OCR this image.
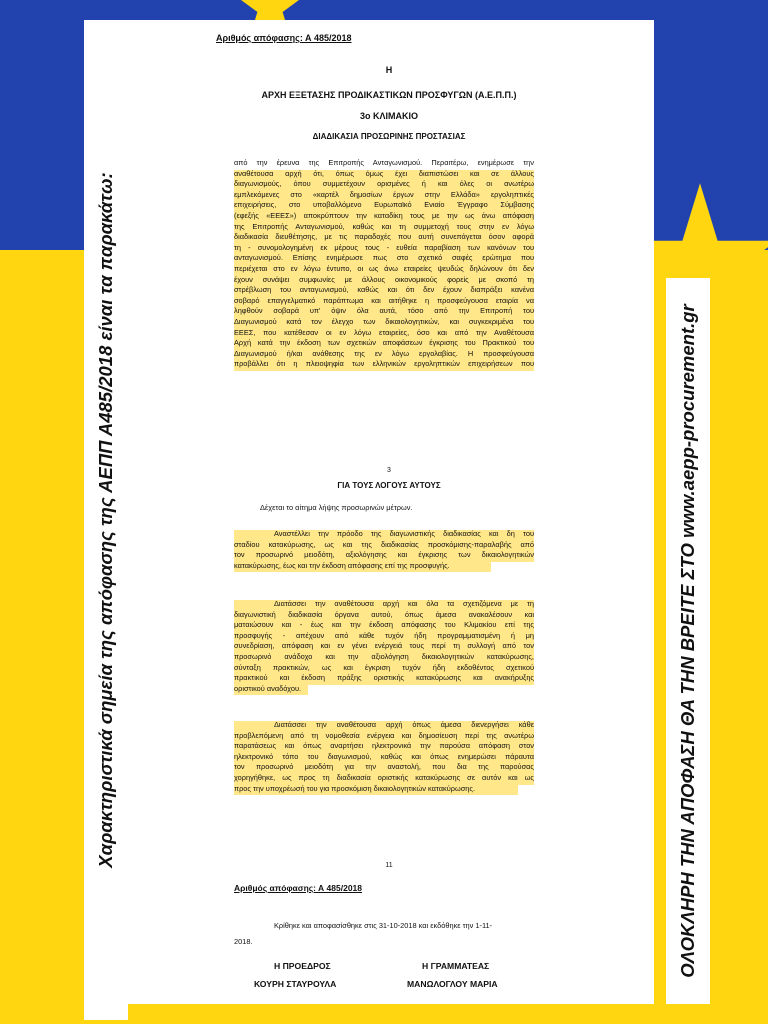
Χαρακτηριστικά σημεία της απόφασης της ΑΕΠΠ Α485/2018 είναι τα παρακάτω:	ΟΛΟΚΛΗΡΗ ΤΗΝ ΑΠΟΦΑΣΗ ΘΑ ΤΗΝ ΒΡΕΙΤΕ ΣΤΟ www.aepp-procurement.gr
Αριθμός απόφασης: Α 485/2018
Η
ΑΡΧΗ ΕΞΕΤΑΣΗΣ ΠΡΟΔΙΚΑΣΤΙΚΩΝ ΠΡΟΣΦΥΓΩΝ (Α.Ε.Π.Π.)
3ο ΚΛΙΜΑΚΙΟ
ΔΙΑΔΙΚΑΣΙΑ ΠΡΟΣΩΡΙΝΗΣ ΠΡΟΣΤΑΣΙΑΣ
από την έρευνα της Επιτροπής Ανταγωνισμού. Περαιτέρω, ενημέρωσε την
αναθέτουσα αρχή ότι, όπως όμως έχει διαπιστώσει και σε άλλους
διαγωνισμούς, όπου συμμετέχουν ορισμένες ή και όλες οι ανωτέρω
εμπλεκόμενες στο «καρτέλ δημοσίων έργων στην Ελλάδα» εργοληπτικές
επιχειρήσεις, στο υποβαλλόμενο Ευρωπαϊκό Ενιαίο Έγγραφο Σύμβασης
(εφεξής «ΕΕΕΣ») αποκρύπτουν την καταδίκη τους με την ως άνω απόφαση
της Επιτροπής Ανταγωνισμού, καθώς και τη συμμετοχή τους στην εν λόγω
διαδικασία διευθέτησης, με τις παραδοχές που αυτή συνεπάγεται όσον αφορά
τη - συνομολογημένη εκ μέρους τους - ευθεία παραβίαση των κανόνων του
ανταγωνισμού. Επίσης ενημέρωσε πως στο σχετικό σαφές ερώτημα που
περιέχεται στο εν λόγω έντυπο, οι ως άνω εταιρείες ψευδώς δηλώνουν ότι δεν
έχουν συνάψει συμφωνίες με άλλους οικονομικούς φορείς με σκοπό τη
στρέβλωση του ανταγωνισμού, καθώς και ότι δεν έχουν διαπράξει κανένα
σοβαρό επαγγελματικό παράπτωμα και αιτήθηκε η προσφεύγουσα εταιρία να
ληφθούν σοβαρά υπ' όψιν όλα αυτά, τόσο από την Επιτροπή του
Διαγωνισμού κατά τον έλεγχο των δικαιολογητικών, και συγκεκριμένα του
ΕΕΕΣ, που κατέθεσαν οι εν λόγω εταιρείες, όσο και από την Αναθέτουσα
Αρχή κατά την έκδοση των σχετικών αποφάσεων έγκρισης του Πρακτικού του
Διαγωνισμού ή/και ανάθεσης της εν λόγω εργολαβίας. Η προσφεύγουσα
προβάλλει ότι η πλειοψηφία των ελληνικών εργοληπτικών επιχειρήσεων που
3
ΓΙΑ ΤΟΥΣ ΛΟΓΟΥΣ ΑΥΤΟΥΣ
Δέχεται το αίτημα λήψης προσωρινών μέτρων.
Αναστέλλει την πρόοδο της διαγωνιστικής διαδικασίας και δη του
σταδίου κατακύρωσης, ως και της διαδικασίας προσκόμισης-παραλαβής από
τον προσωρινό μειοδότη, αξιολόγησης και έγκρισης των δικαιολογητικών
κατακύρωσης, έως και την έκδοση απόφασης επί της προσφυγής.
Διατάσσει την αναθέτουσα αρχή και όλα τα σχετιζόμενα με τη
διαγωνιστική διαδικασία όργανα αυτού, όπως άμεσα ανακαλέσουν και
ματαιώσουν και - έως και την έκδοση απόφασης του Κλιμακίου επί της
προσφυγής - απέχουν από κάθε τυχόν ήδη προγραμματισμένη ή μη
συνεδρίαση, απόφαση και εν γένει ενέργειά τους περί τη συλλογή από τον
προσωρινό ανάδοχο και την αξιολόγηση δικαιολογητικών κατακύρωσης,
σύνταξη πρακτικών, ως και έγκριση τυχόν ήδη εκδοθέντος σχετικού
πρακτικού και έκδοση πράξης οριστικής κατακύρωσης και ανακήρυξης
οριστικού αναδόχου.
Διατάσσει την αναθέτουσα αρχή όπως άμεσα διενεργήσει κάθε
προβλεπόμενη από τη νομοθεσία ενέργεια και δημοσίευση περί της ανωτέρω
παρατάσεως και όπως αναρτήσει ηλεκτρονικά την παρούσα απόφαση στον
ηλεκτρονικό τόπο του διαγωνισμού, καθώς και όπως ενημερώσει πάραυτα
τον προσωρινό μειοδότη για την αναστολή, που δια της παρούσας
χορηγήθηκε, ως προς τη διαδικασία οριστικής κατακύρωσης σε αυτόν και ως
προς την υποχρέωσή του για προσκόμιση δικαιολογητικών κατακύρωσης.
11
Αριθμός απόφασης: Α 485/2018
Κρίθηκε και αποφασίσθηκε στις 31-10-2018 και εκδόθηκε την 1-11-
2018.
Η ΠΡΟΕΔΡΟΣ
ΚΟΥΡΗ ΣΤΑΥΡΟΥΛΑ
Η ΓΡΑΜΜΑΤΕΑΣ
ΜΑΝΩΛΟΓΛΟΥ ΜΑΡΙΑ
